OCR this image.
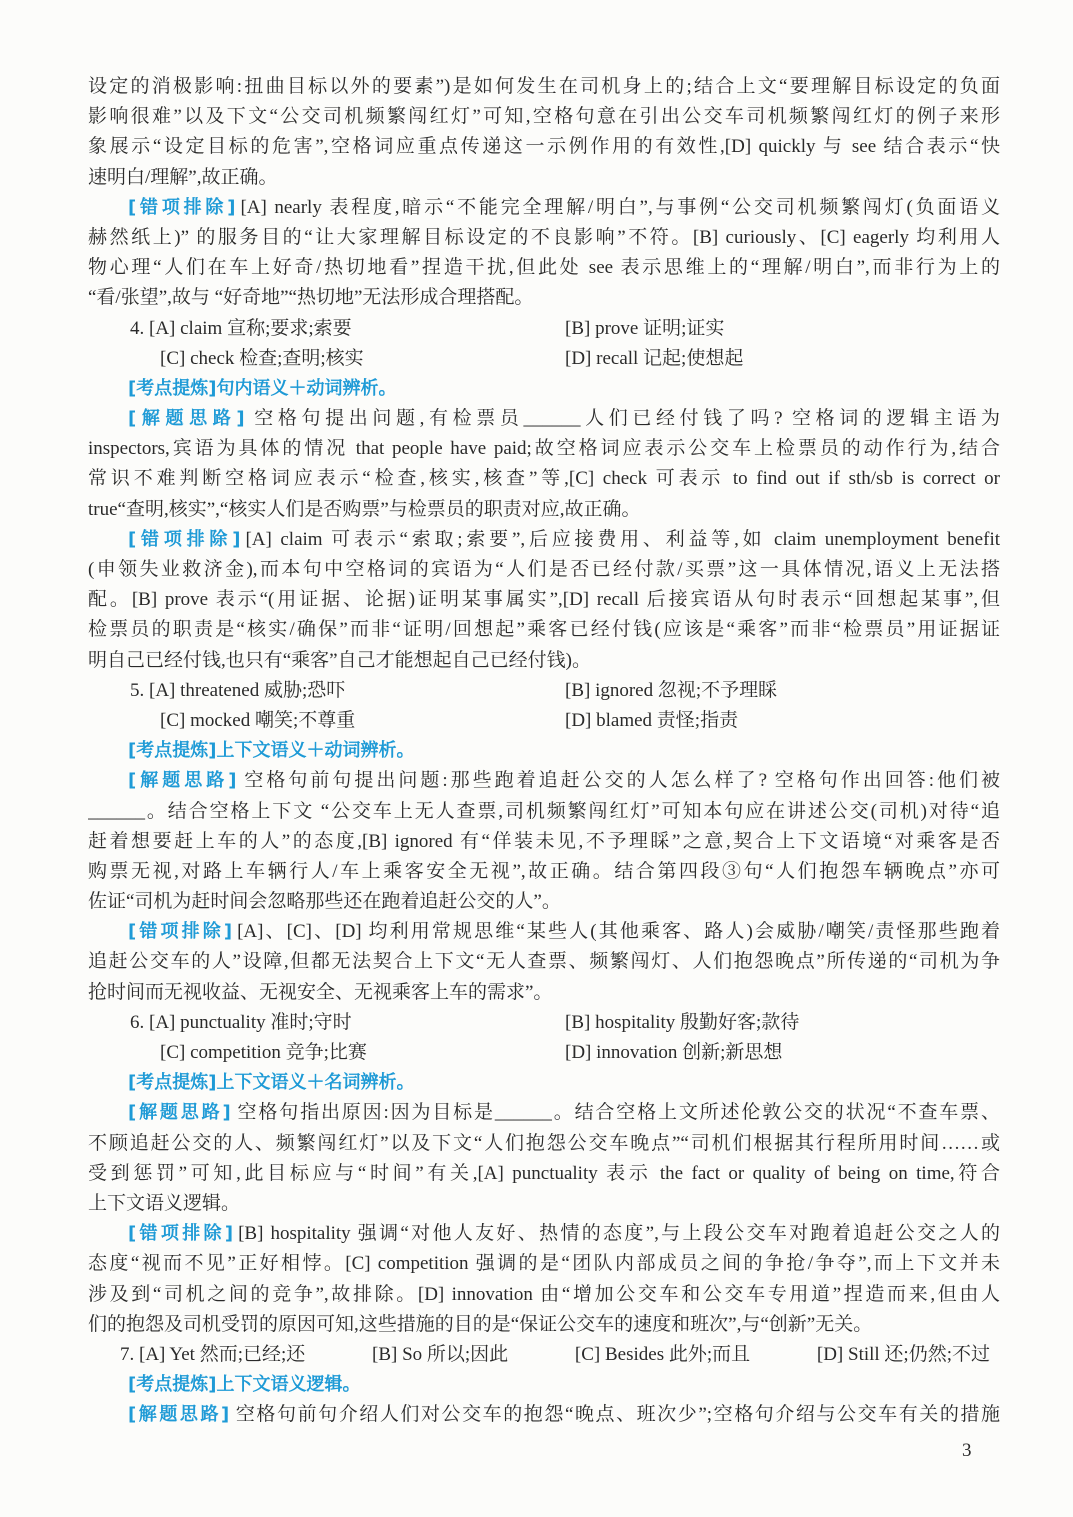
设定的消极影响:扭曲目标以外的要素”)是如何发生在司机身上的;结合上文“要理解目标设定的负面
影响很难”以及下文“公交司机频繁闯红灯”可知,空格句意在引出公交车司机频繁闯红灯的例子来形
象展示“设定目标的危害”,空格词应重点传递这一示例作用的有效性,[D] quickly 与 see 结合表示“快
速明白/理解”,故正确。
[错项排除] [A] nearly 表程度,暗示“不能完全理解/明白”,与事例“公交司机频繁闯灯(负面语义
赫然纸上)” 的服务目的“让大家理解目标设定的不良影响”不符。[B] curiously、[C] eagerly 均利用人
物心理“人们在车上好奇/热切地看”捏造干扰,但此处 see 表示思维上的“理解/明白”,而非行为上的
“看/张望”,故与 “好奇地”“热切地”无法形成合理搭配。
4. [A] claim 宣称;要求;索要	[B] prove 证明;证实
[C] check 检查;查明;核实	[D] recall 记起;使想起
[考点提炼]句内语义＋动词辨析。
[解题思路] 空格句提出问题,有检票员______人们已经付钱了吗? 空格词的逻辑主语为
inspectors,宾语为具体的情况 that people have paid;故空格词应表示公交车上检票员的动作行为,结合
常识不难判断空格词应表示“检查,核实,核查”等,[C] check 可表示 to find out if sth/sb is correct or
true“查明,核实”,“核实人们是否购票”与检票员的职责对应,故正确。
[错项排除] [A] claim 可表示“索取;索要”,后应接费用、利益等,如 claim unemployment benefit
(申领失业救济金),而本句中空格词的宾语为“人们是否已经付款/买票”这一具体情况,语义上无法搭
配。[B] prove 表示“(用证据、论据)证明某事属实”,[D] recall 后接宾语从句时表示“回想起某事”,但
检票员的职责是“核实/确保”而非“证明/回想起”乘客已经付钱(应该是“乘客”而非“检票员”用证据证
明自己已经付钱,也只有“乘客”自己才能想起自己已经付钱)。
5. [A] threatened 威胁;恐吓	[B] ignored 忽视;不予理睬
[C] mocked 嘲笑;不尊重	[D] blamed 责怪;指责
[考点提炼]上下文语义＋动词辨析。
[解题思路] 空格句前句提出问题:那些跑着追赶公交的人怎么样了? 空格句作出回答:他们被
______。结合空格上下文 “公交车上无人查票,司机频繁闯红灯”可知本句应在讲述公交(司机)对待“追
赶着想要赶上车的人”的态度,[B] ignored 有“佯装未见,不予理睬”之意,契合上下文语境“对乘客是否
购票无视,对路上车辆行人/车上乘客安全无视”,故正确。结合第四段③句“人们抱怨车辆晚点”亦可
佐证“司机为赶时间会忽略那些还在跑着追赶公交的人”。
[错项排除] [A]、[C]、[D] 均利用常规思维“某些人(其他乘客、路人)会威胁/嘲笑/责怪那些跑着
追赶公交车的人”设障,但都无法契合上下文“无人查票、频繁闯灯、人们抱怨晚点”所传递的“司机为争
抢时间而无视收益、无视安全、无视乘客上车的需求”。
6. [A] punctuality 准时;守时	[B] hospitality 殷勤好客;款待
[C] competition 竞争;比赛	[D] innovation 创新;新思想
[考点提炼]上下文语义＋名词辨析。
[解题思路] 空格句指出原因:因为目标是______。结合空格上文所述伦敦公交的状况“不查车票、
不顾追赶公交的人、频繁闯红灯”以及下文“人们抱怨公交车晚点”“司机们根据其行程所用时间……或
受到惩罚”可知,此目标应与“时间”有关,[A] punctuality 表示 the fact or quality of being on time,符合
上下文语义逻辑。
[错项排除] [B] hospitality 强调“对他人友好、热情的态度”,与上段公交车对跑着追赶公交之人的
态度“视而不见”正好相悖。[C] competition 强调的是“团队内部成员之间的争抢/争夺”,而上下文并未
涉及到“司机之间的竞争”,故排除。[D] innovation 由“增加公交车和公交车专用道”捏造而来,但由人
们的抱怨及司机受罚的原因可知,这些措施的目的是“保证公交车的速度和班次”,与“创新”无关。
7. [A] Yet 然而;已经;还	[B] So 所以;因此	[C] Besides 此外;而且	[D] Still 还;仍然;不过
[考点提炼]上下文语义逻辑。
[解题思路] 空格句前句介绍人们对公交车的抱怨“晚点、班次少”;空格句介绍与公交车有关的措施
3
